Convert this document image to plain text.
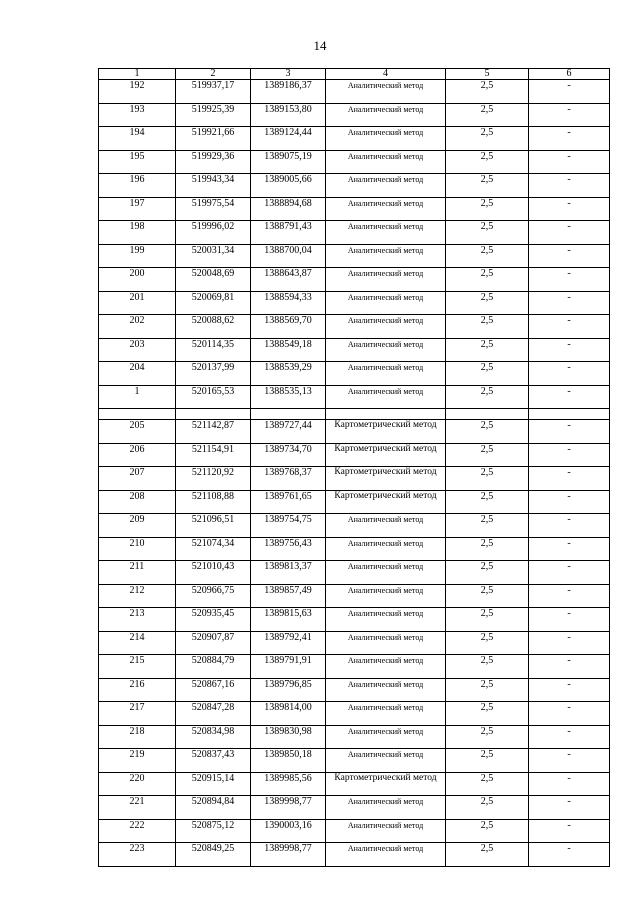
14
1	2	3	4	5	6
192	519937,17	1389186,37	Аналитический метод	2,5	-
193	519925,39	1389153,80	Аналитический метод	2,5	-
194	519921,66	1389124,44	Аналитический метод	2,5	-
195	519929,36	1389075,19	Аналитический метод	2,5	-
196	519943,34	1389005,66	Аналитический метод	2,5	-
197	519975,54	1388894,68	Аналитический метод	2,5	-
198	519996,02	1388791,43	Аналитический метод	2,5	-
199	520031,34	1388700,04	Аналитический метод	2,5	-
200	520048,69	1388643,87	Аналитический метод	2,5	-
201	520069,81	1388594,33	Аналитический метод	2,5	-
202	520088,62	1388569,70	Аналитический метод	2,5	-
203	520114,35	1388549,18	Аналитический метод	2,5	-
204	520137,99	1388539,29	Аналитический метод	2,5	-
1	520165,53	1388535,13	Аналитический метод	2,5	-

205	521142,87	1389727,44	Картометрический метод	2,5	-
206	521154,91	1389734,70	Картометрический метод	2,5	-
207	521120,92	1389768,37	Картометрический метод	2,5	-
208	521108,88	1389761,65	Картометрический метод	2,5	-
209	521096,51	1389754,75	Аналитический метод	2,5	-
210	521074,34	1389756,43	Аналитический метод	2,5	-
211	521010,43	1389813,37	Аналитический метод	2,5	-
212	520966,75	1389857,49	Аналитический метод	2,5	-
213	520935,45	1389815,63	Аналитический метод	2,5	-
214	520907,87	1389792,41	Аналитический метод	2,5	-
215	520884,79	1389791,91	Аналитический метод	2,5	-
216	520867,16	1389796,85	Аналитический метод	2,5	-
217	520847,28	1389814,00	Аналитический метод	2,5	-
218	520834,98	1389830,98	Аналитический метод	2,5	-
219	520837,43	1389850,18	Аналитический метод	2,5	-
220	520915,14	1389985,56	Картометрический метод	2,5	-
221	520894,84	1389998,77	Аналитический метод	2,5	-
222	520875,12	1390003,16	Аналитический метод	2,5	-
223	520849,25	1389998,77	Аналитический метод	2,5	-
